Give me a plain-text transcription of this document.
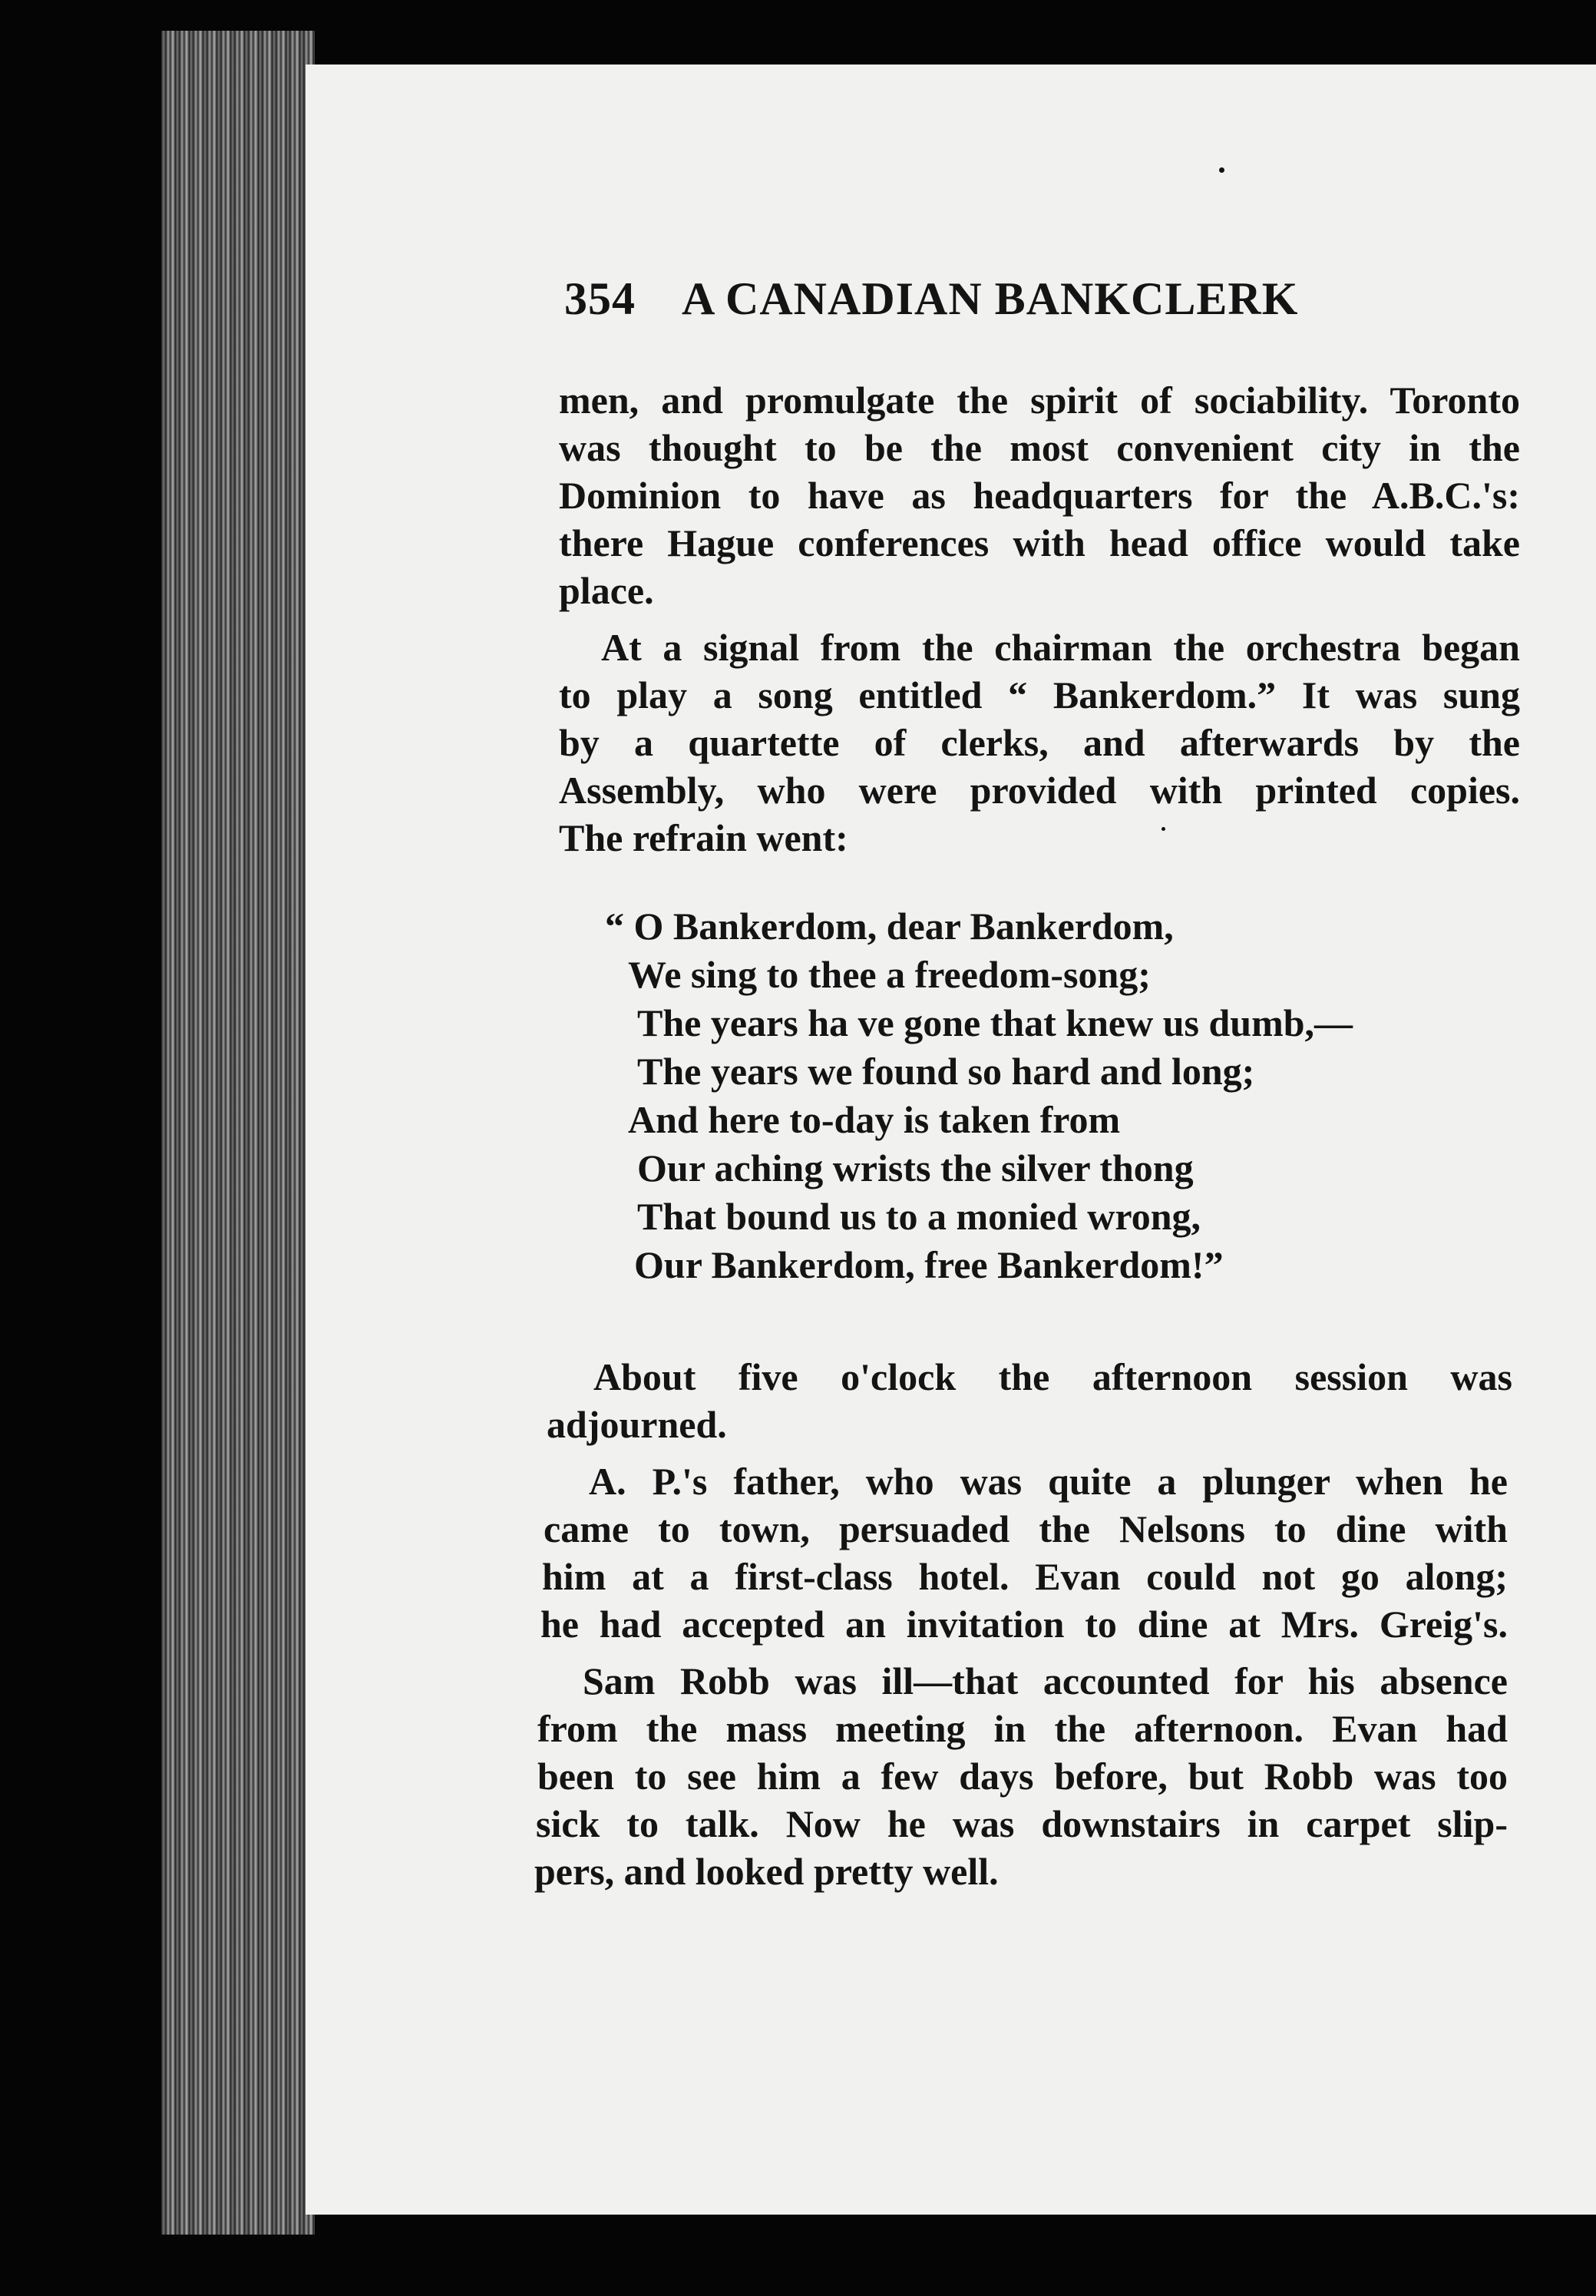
354 A CANADIAN BANKCLERK
men, and promulgate the spirit of sociability. Toronto
was thought to be the most convenient city in the
Dominion to have as headquarters for the A.B.C.'s:
there Hague conferences with head office would take
place.
At a signal from the chairman the orchestra began
to play a song entitled “ Bankerdom.” It was sung
by a quartette of clerks, and afterwards by the
Assembly, who were provided with printed copies.
The refrain went:
“ O Bankerdom, dear Bankerdom,
We sing to thee a freedom-song;
The years ha ve gone that knew us dumb,—
The years we found so hard and long;
And here to-day is taken from
Our aching wrists the silver thong
That bound us to a monied wrong,
Our Bankerdom, free Bankerdom!”
About five o'clock the afternoon session was
adjourned.
A. P.'s father, who was quite a plunger when he
came to town, persuaded the Nelsons to dine with
him at a first-class hotel. Evan could not go along;
he had accepted an invitation to dine at Mrs. Greig's.
Sam Robb was ill—that accounted for his absence
from the mass meeting in the afternoon. Evan had
been to see him a few days before, but Robb was too
sick to talk. Now he was downstairs in carpet slip-
pers, and looked pretty well.
